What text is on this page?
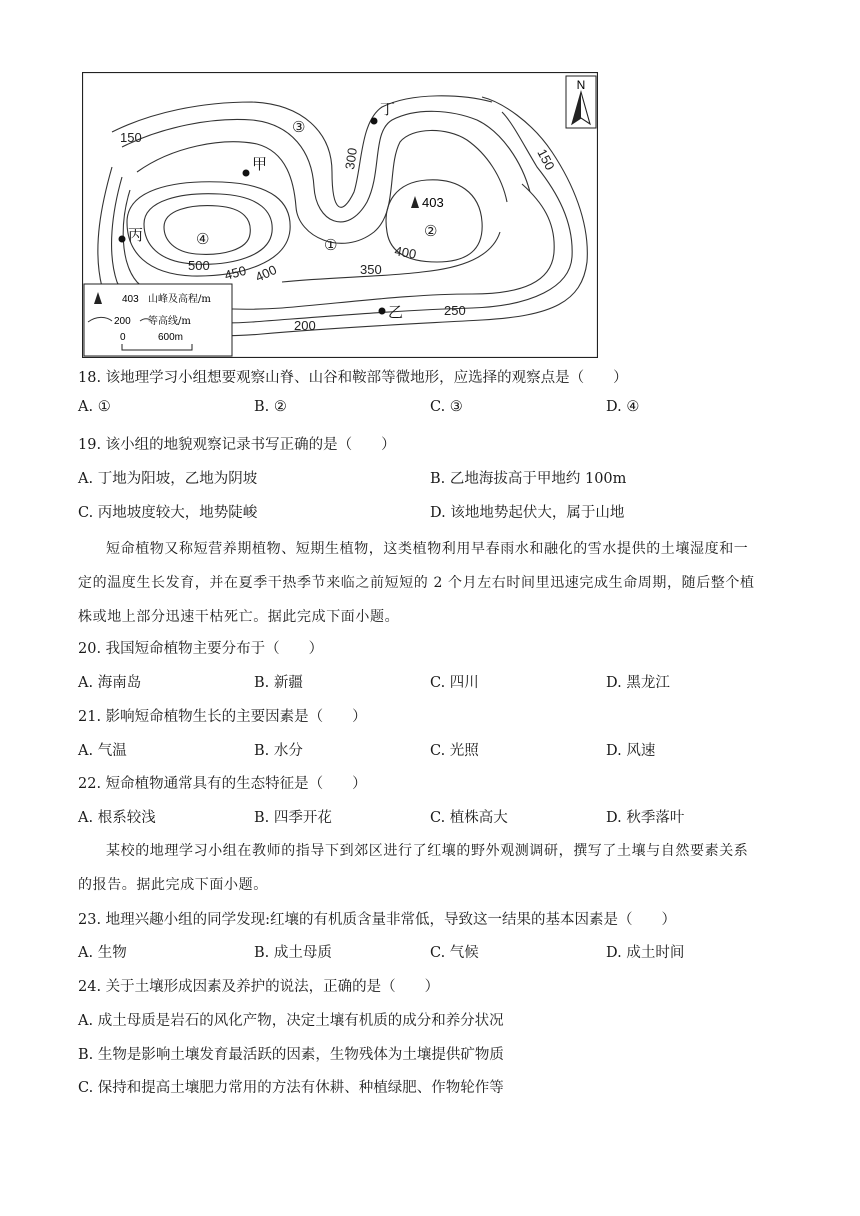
N
150
300	150
400
350
250
500 450 400
200
403
①
②
③
④
甲
乙
丙
丁
403 山峰及高程/m
200 等高线/m
0	600m
18. 该地理学习小组想要观察山脊、山谷和鞍部等微地形，应选择的观察点是（　　）
A. ①	B. ②	C. ③	D. ④
19. 该小组的地貌观察记录书写正确的是（　　）
A. 丁地为阳坡，乙地为阴坡	B. 乙地海拔高于甲地约 100m
C. 丙地坡度较大，地势陡峻	D. 该地地势起伏大，属于山地
短命植物又称短营养期植物、短期生植物，这类植物利用早春雨水和融化的雪水提供的土壤湿度和一
定的温度生长发育，并在夏季干热季节来临之前短短的 2 个月左右时间里迅速完成生命周期，随后整个植
株或地上部分迅速干枯死亡。据此完成下面小题。
20. 我国短命植物主要分布于（　　）
A. 海南岛	B. 新疆	C. 四川	D. 黑龙江
21. 影响短命植物生长的主要因素是（　　）
A. 气温	B. 水分	C. 光照	D. 风速
22. 短命植物通常具有的生态特征是（　　）
A. 根系较浅	B. 四季开花	C. 植株高大	D. 秋季落叶
某校的地理学习小组在教师的指导下到郊区进行了红壤的野外观测调研，撰写了土壤与自然要素关系
的报告。据此完成下面小题。
23. 地理兴趣小组的同学发现:红壤的有机质含量非常低，导致这一结果的基本因素是（　　）
A. 生物	B. 成土母质	C. 气候	D. 成土时间
24. 关于土壤形成因素及养护的说法，正确的是（　　）
A. 成土母质是岩石的风化产物，决定土壤有机质的成分和养分状况
B. 生物是影响土壤发育最活跃的因素，生物残体为土壤提供矿物质
C. 保持和提高土壤肥力常用的方法有休耕、种植绿肥、作物轮作等
